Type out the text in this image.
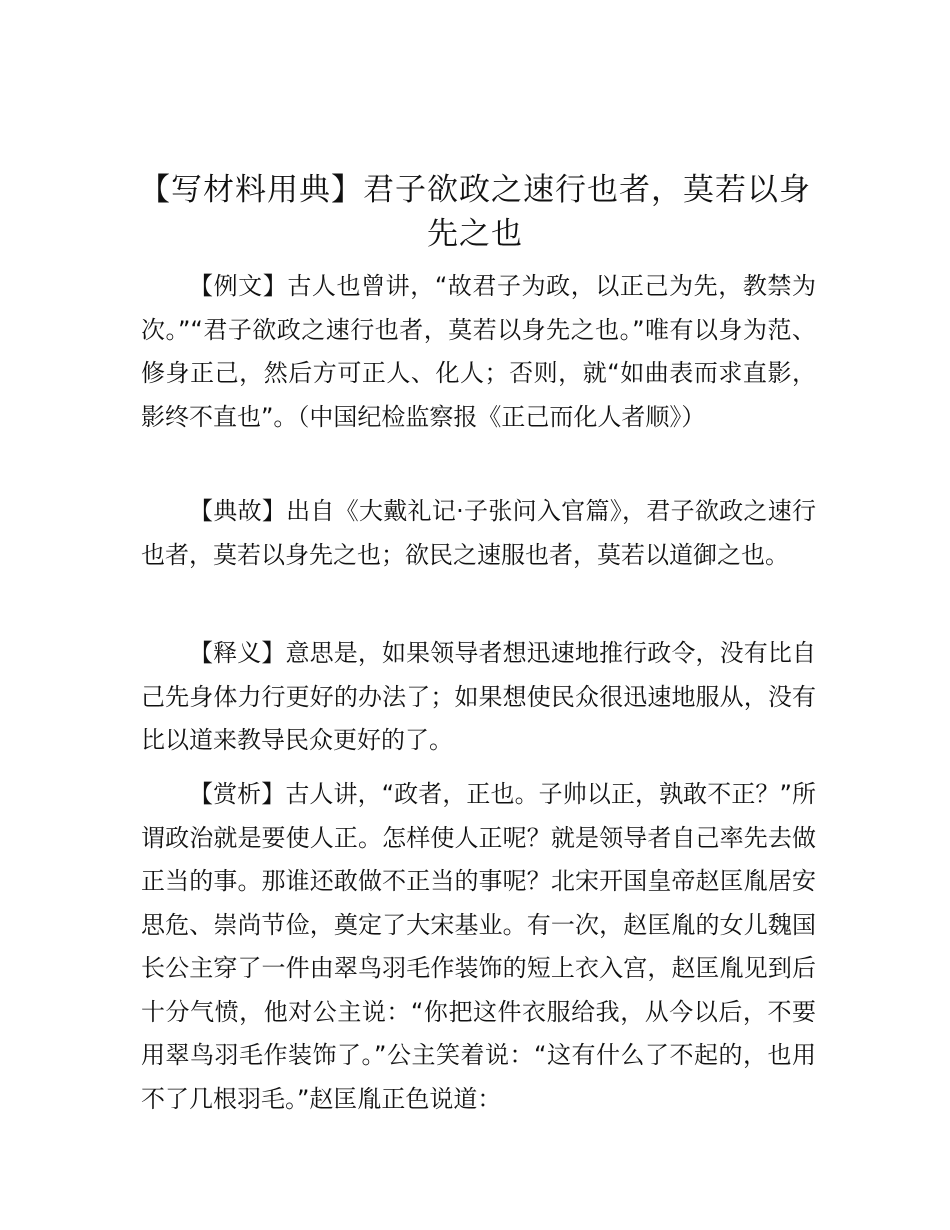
【写材料用典】君子欲政之速行也者，莫若以身先之也

【例文】古人也曾讲，“故君子为政，以正己为先，教禁为次。”“君子欲政之速行也者，莫若以身先之也。”唯有以身为范、修身正己，然后方可正人、化人；否则，就“如曲表而求直影，影终不直也”。（中国纪检监察报《正己而化人者顺》）

【典故】出自《大戴礼记·子张问入官篇》，君子欲政之速行也者，莫若以身先之也；欲民之速服也者，莫若以道御之也。

【释义】意思是，如果领导者想迅速地推行政令，没有比自己先身体力行更好的办法了；如果想使民众很迅速地服从，没有比以道来教导民众更好的了。

【赏析】古人讲，“政者，正也。子帅以正，孰敢不正？”所谓政治就是要使人正。怎样使人正呢？就是领导者自己率先去做正当的事。那谁还敢做不正当的事呢？北宋开国皇帝赵匡胤居安思危、崇尚节俭，奠定了大宋基业。有一次，赵匡胤的女儿魏国长公主穿了一件由翠鸟羽毛作装饰的短上衣入宫，赵匡胤见到后十分气愤，他对公主说：“你把这件衣服给我，从今以后，不要用翠鸟羽毛作装饰了。”公主笑着说：“这有什么了不起的，也用不了几根羽毛。”赵匡胤正色说道：
